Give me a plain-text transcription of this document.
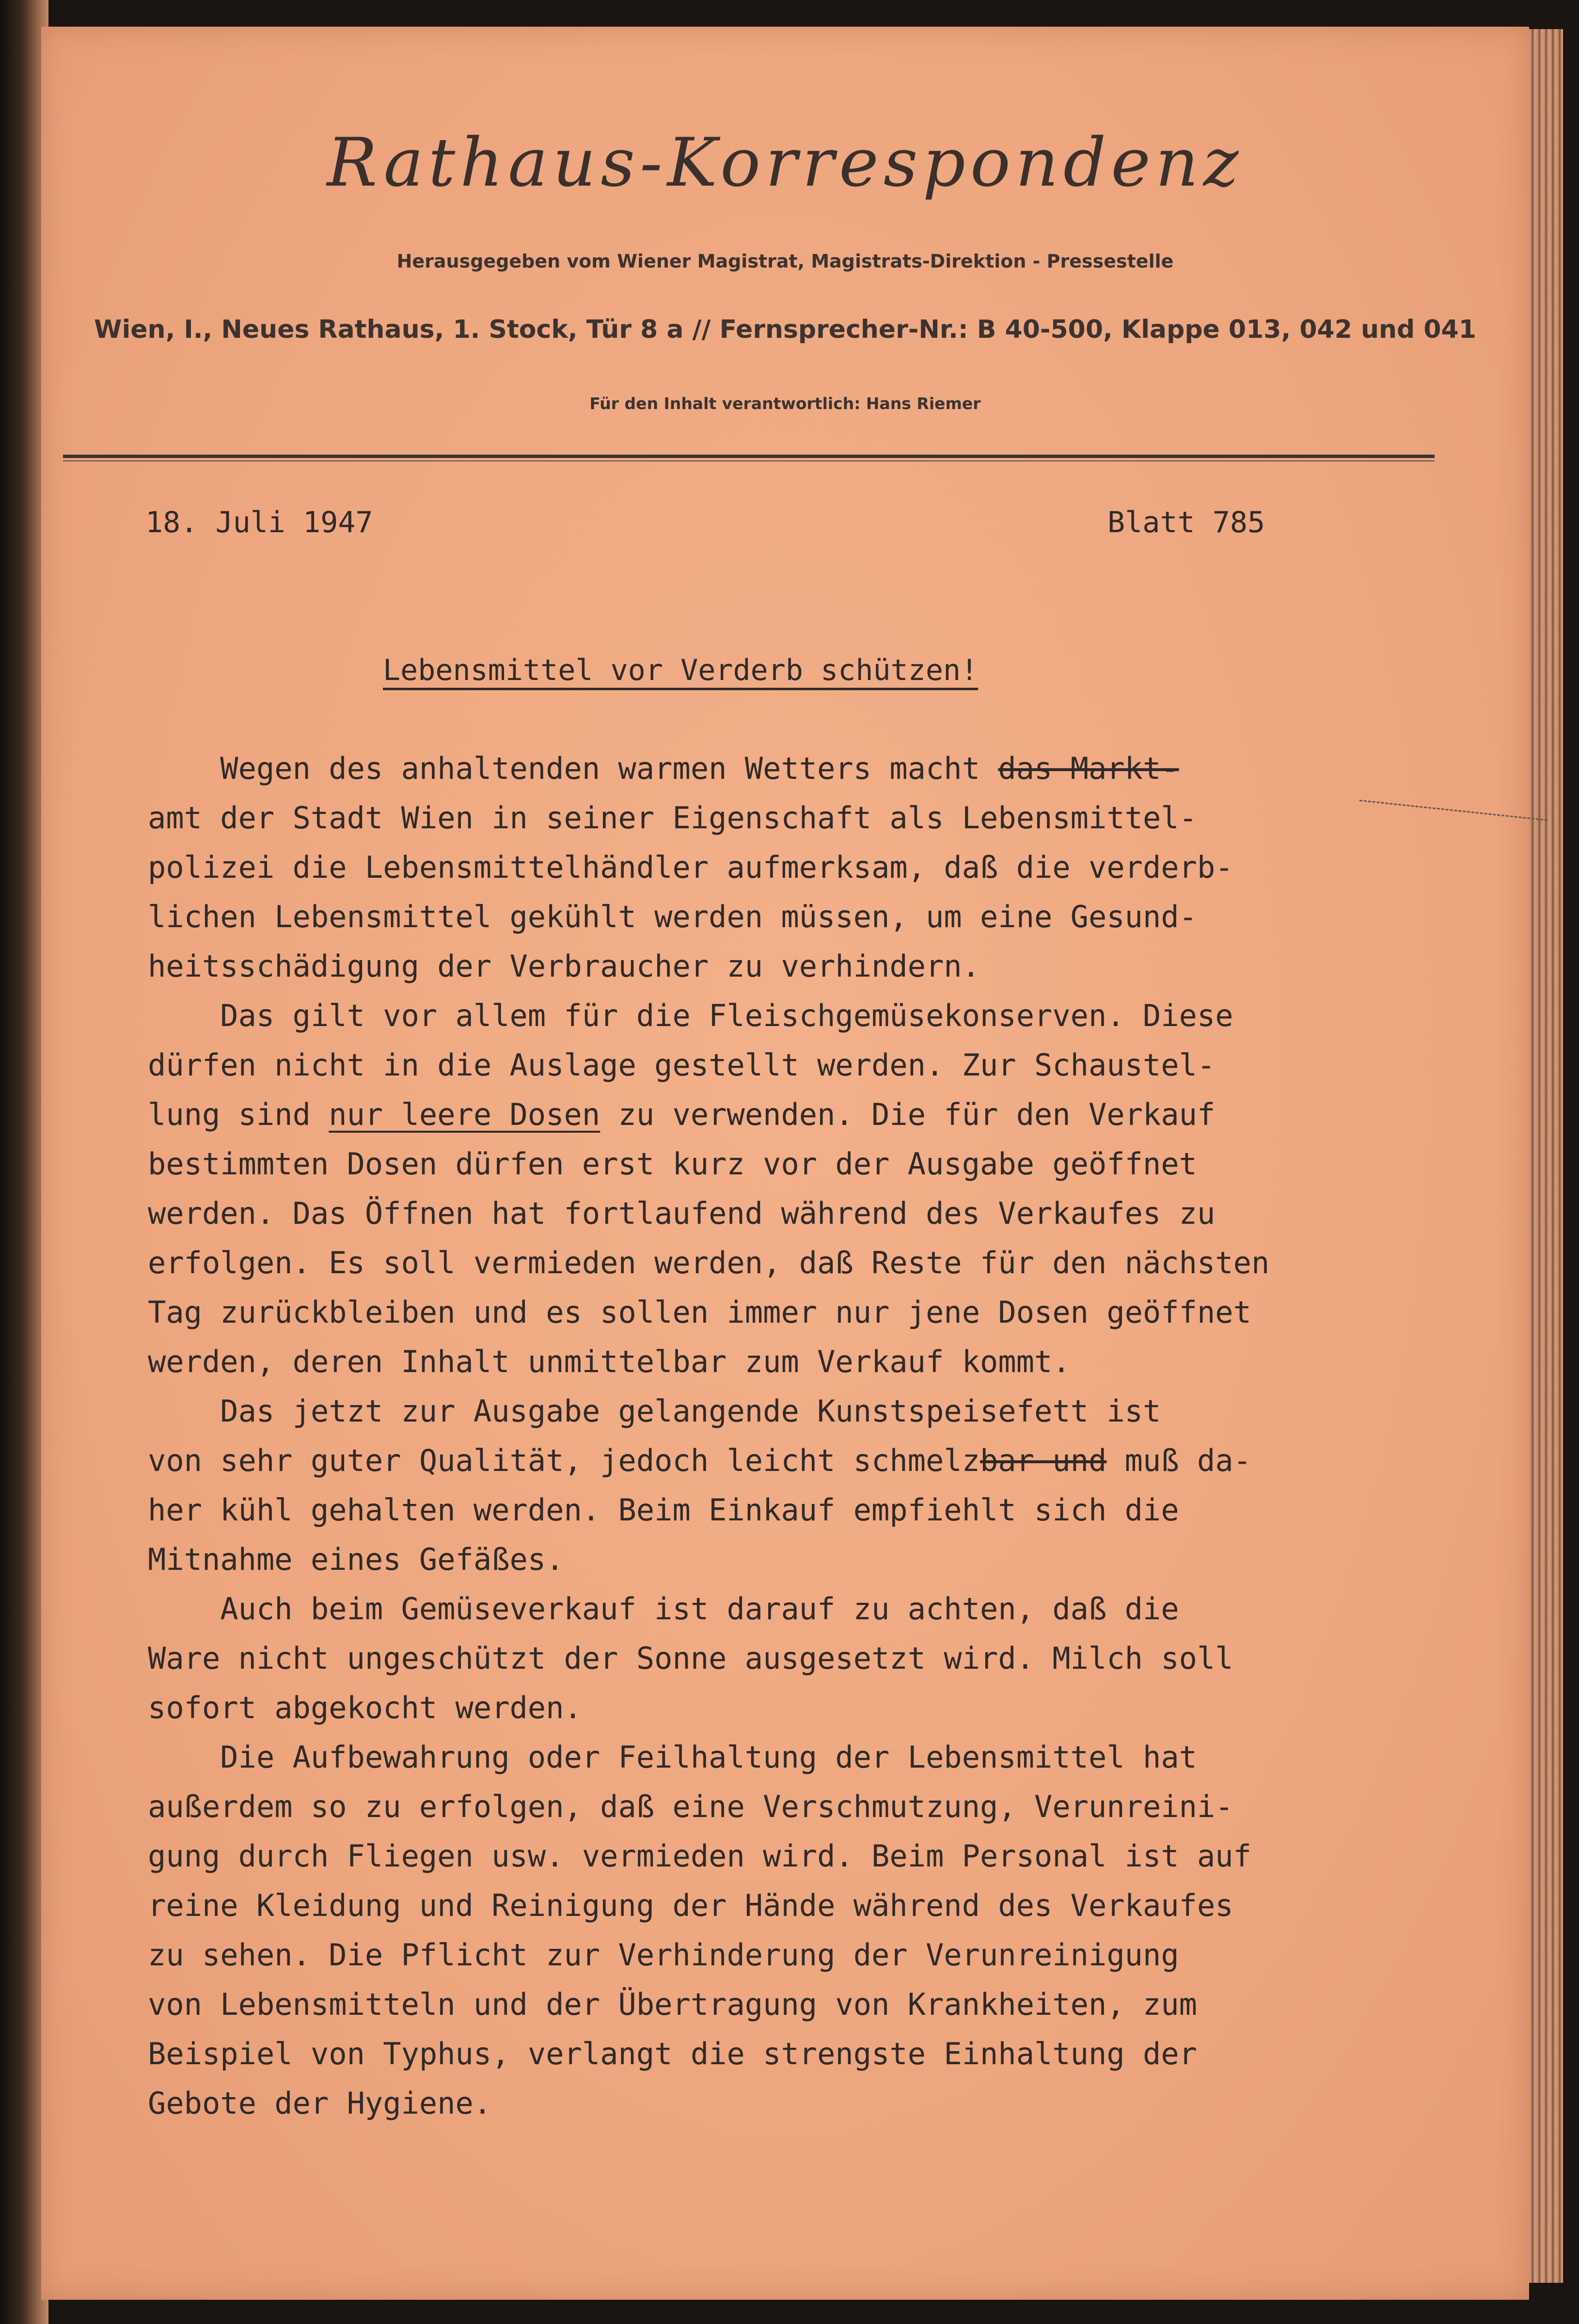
Rathaus-Korrespondenz
Herausgegeben vom Wiener Magistrat, Magistrats-Direktion - Pressestelle
Wien, I., Neues Rathaus, 1. Stock, Tür 8 a // Fernsprecher-Nr.: B 40-500, Klappe 013, 042 und 041
Für den Inhalt verantwortlich: Hans Riemer
18. Juli 1947	Blatt 785
Lebensmittel vor Verderb schützen!
Wegen des anhaltenden warmen Wetters macht das Markt-
amt der Stadt Wien in seiner Eigenschaft als Lebensmittel-
polizei die Lebensmittelhändler aufmerksam, daß die verderb-
lichen Lebensmittel gekühlt werden müssen, um eine Gesund-
heitsschädigung der Verbraucher zu verhindern.
Das gilt vor allem für die Fleischgemüsekonserven. Diese
dürfen nicht in die Auslage gestellt werden. Zur Schaustel-
lung sind nur leere Dosen zu verwenden. Die für den Verkauf
bestimmten Dosen dürfen erst kurz vor der Ausgabe geöffnet
werden. Das Öffnen hat fortlaufend während des Verkaufes zu
erfolgen. Es soll vermieden werden, daß Reste für den nächsten
Tag zurückbleiben und es sollen immer nur jene Dosen geöffnet
werden, deren Inhalt unmittelbar zum Verkauf kommt.
Das jetzt zur Ausgabe gelangende Kunstspeisefett ist
von sehr guter Qualität, jedoch leicht schmelzbar und muß da-
her kühl gehalten werden. Beim Einkauf empfiehlt sich die
Mitnahme eines Gefäßes.
Auch beim Gemüseverkauf ist darauf zu achten, daß die
Ware nicht ungeschützt der Sonne ausgesetzt wird. Milch soll
sofort abgekocht werden.
Die Aufbewahrung oder Feilhaltung der Lebensmittel hat
außerdem so zu erfolgen, daß eine Verschmutzung, Verunreini-
gung durch Fliegen usw. vermieden wird. Beim Personal ist auf
reine Kleidung und Reinigung der Hände während des Verkaufes
zu sehen. Die Pflicht zur Verhinderung der Verunreinigung
von Lebensmitteln und der Übertragung von Krankheiten, zum
Beispiel von Typhus, verlangt die strengste Einhaltung der
Gebote der Hygiene.
